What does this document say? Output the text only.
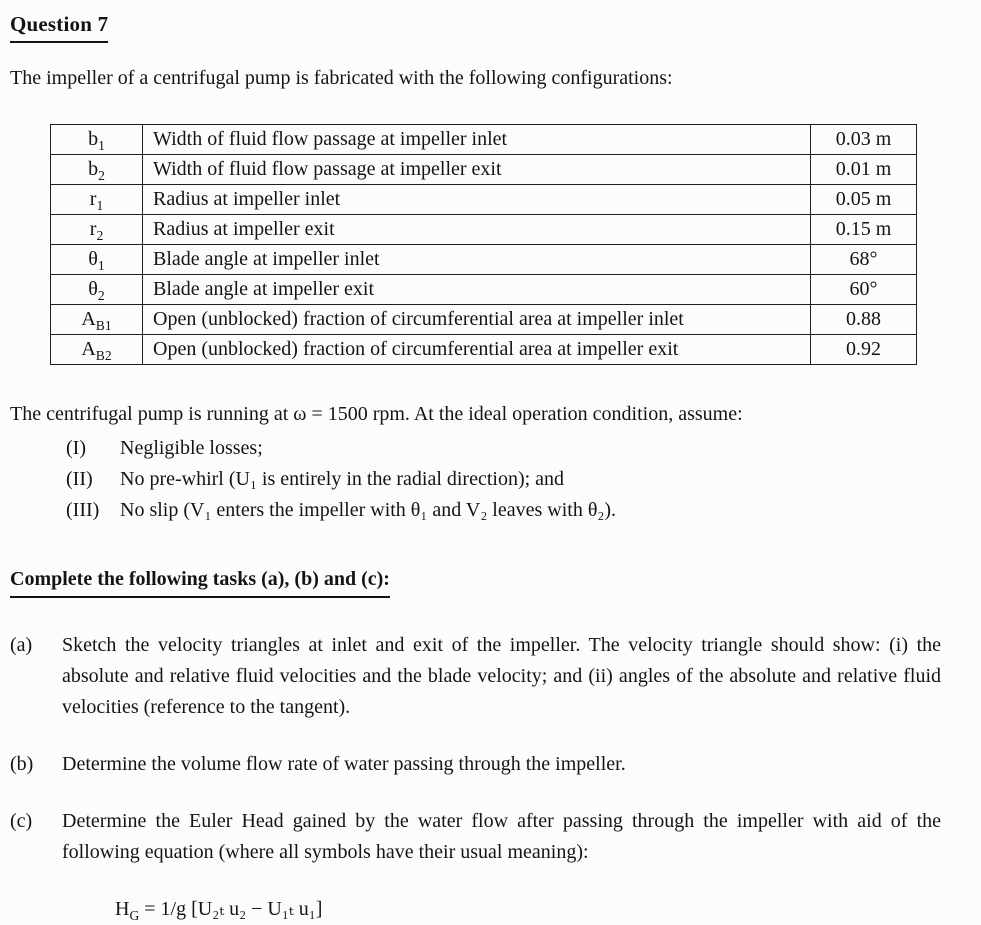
Question 7

The impeller of a centrifugal pump is fabricated with the following configurations:

$b_1$	Width of fluid flow passage at impeller inlet	0.03 m
$b_2$	Width of fluid flow passage at impeller exit	0.01 m
$r_1$	Radius at impeller inlet	0.05 m
$r_2$	Radius at impeller exit	0.15 m
$\theta_1$	Blade angle at impeller inlet	68°
$\theta_2$	Blade angle at impeller exit	60°
$A_{B1}$	Open (unblocked) fraction of circumferential area at impeller inlet	0.88
$A_{B2}$	Open (unblocked) fraction of circumferential area at impeller exit	0.92

The centrifugal pump is running at ω = 1500 rpm. At the ideal operation condition, assume:

(I)	Negligible losses;
(II)	No pre-whirl (U₁ is entirely in the radial direction); and
(III)	No slip (V₁ enters the impeller with θ₁ and V₂ leaves with θ₂).
Complete the following tasks (a), (b) and (c):
(a)	Sketch the velocity triangles at inlet and exit of the impeller. The velocity triangle should show: (i) the absolute and relative fluid velocities and the blade velocity; and (ii) angles of the absolute and relative fluid velocities (reference to the tangent).
(b)	Determine the volume flow rate of water passing through the impeller.
(c)	Determine the Euler Head gained by the water flow after passing through the impeller with aid of the following equation (where all symbols have their usual meaning):

$H_G = 1/g$ [U₂ₜ u₂ − U₁ₜ u₁]
